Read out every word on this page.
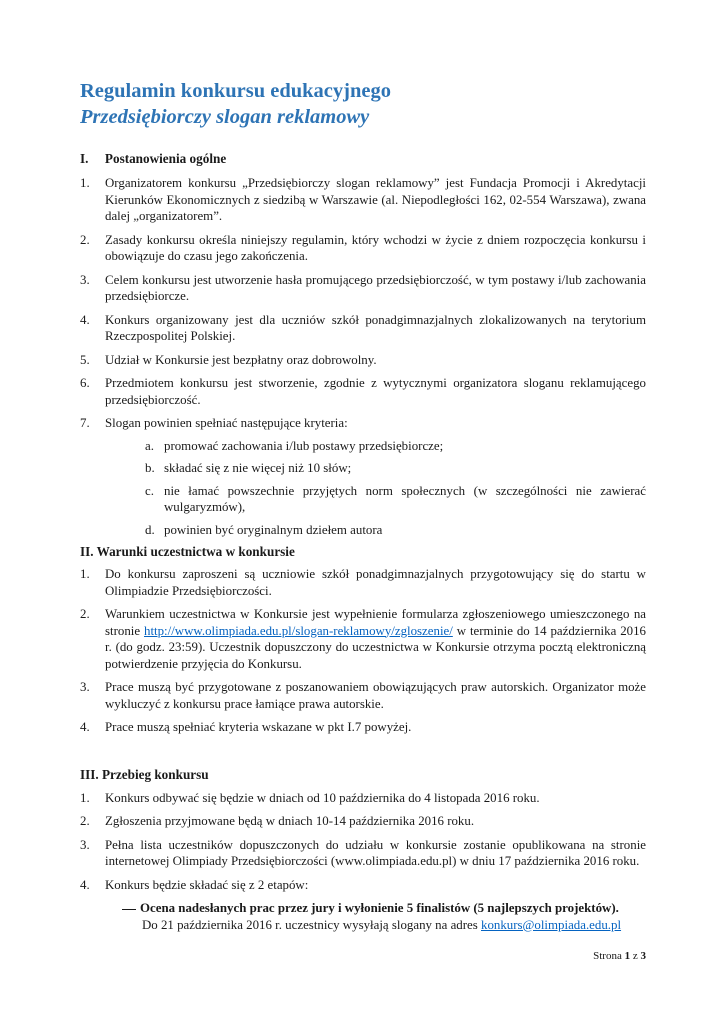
Regulamin konkursu edukacyjnego
Przedsiębiorczy slogan reklamowy
I.     Postanowienia ogólne
1. Organizatorem konkursu „Przedsiębiorczy slogan reklamowy” jest Fundacja Promocji i Akredytacji Kierunków Ekonomicznych z siedzibą w Warszawie (al. Niepodległości 162, 02-554 Warszawa), zwana dalej „organizatorem”.
2. Zasady konkursu określa niniejszy regulamin, który wchodzi w życie z dniem rozpoczęcia konkursu i obowiązuje do czasu jego zakończenia.
3. Celem konkursu jest utworzenie hasła promującego przedsiębiorczość, w tym postawy i/lub zachowania przedsiębiorcze.
4. Konkurs organizowany jest dla uczniów szkół ponadgimnazjalnych zlokalizowanych na terytorium Rzeczpospolitej Polskiej.
5. Udział w Konkursie jest bezpłatny oraz dobrowolny.
6. Przedmiotem konkursu jest stworzenie, zgodnie z wytycznymi organizatora sloganu reklamującego przedsiębiorczość.
7. Slogan powinien spełniać następujące kryteria:
a. promować zachowania i/lub postawy przedsiębiorcze;
b. składać się z nie więcej niż 10 słów;
c. nie łamać powszechnie przyjętych norm społecznych (w szczególności nie zawierać wulgaryzmów),
d. powinien być oryginalnym dziełem autora
II. Warunki uczestnictwa w konkursie
1. Do konkursu zaproszeni są uczniowie szkół ponadgimnazjalnych przygotowujący się do startu w Olimpiadzie Przedsiębiorczości.
2. Warunkiem uczestnictwa w Konkursie jest wypełnienie formularza zgłoszeniowego umieszczonego na stronie http://www.olimpiada.edu.pl/slogan-reklamowy/zgloszenie/ w terminie do 14 października 2016 r. (do godz. 23:59). Uczestnik dopuszczony do uczestnictwa w Konkursie otrzyma pocztą elektroniczną potwierdzenie przyjęcia do Konkursu.
3. Prace muszą być przygotowane z poszanowaniem obowiązujących praw autorskich. Organizator może wykluczyć z konkursu prace łamiące prawa autorskie.
4. Prace muszą spełniać kryteria wskazane w pkt I.7 powyżej.
III. Przebieg konkursu
1. Konkurs odbywać się będzie w dniach od 10 października do 4 listopada 2016 roku.
2. Zgłoszenia przyjmowane będą w dniach 10-14 października 2016 roku.
3. Pełna lista uczestników dopuszczonych do udziału w konkursie zostanie opublikowana na stronie internetowej Olimpiady Przedsiębiorczości (www.olimpiada.edu.pl) w dniu 17 października 2016 roku.
4. Konkurs będzie składać się z 2 etapów:
Ocena nadesłanych prac przez jury i wyłonienie 5 finalistów (5 najlepszych projektów).
Do 21 października 2016 r. uczestnicy wysyłają slogany na adres konkurs@olimpiada.edu.pl
Strona 1 z 3
